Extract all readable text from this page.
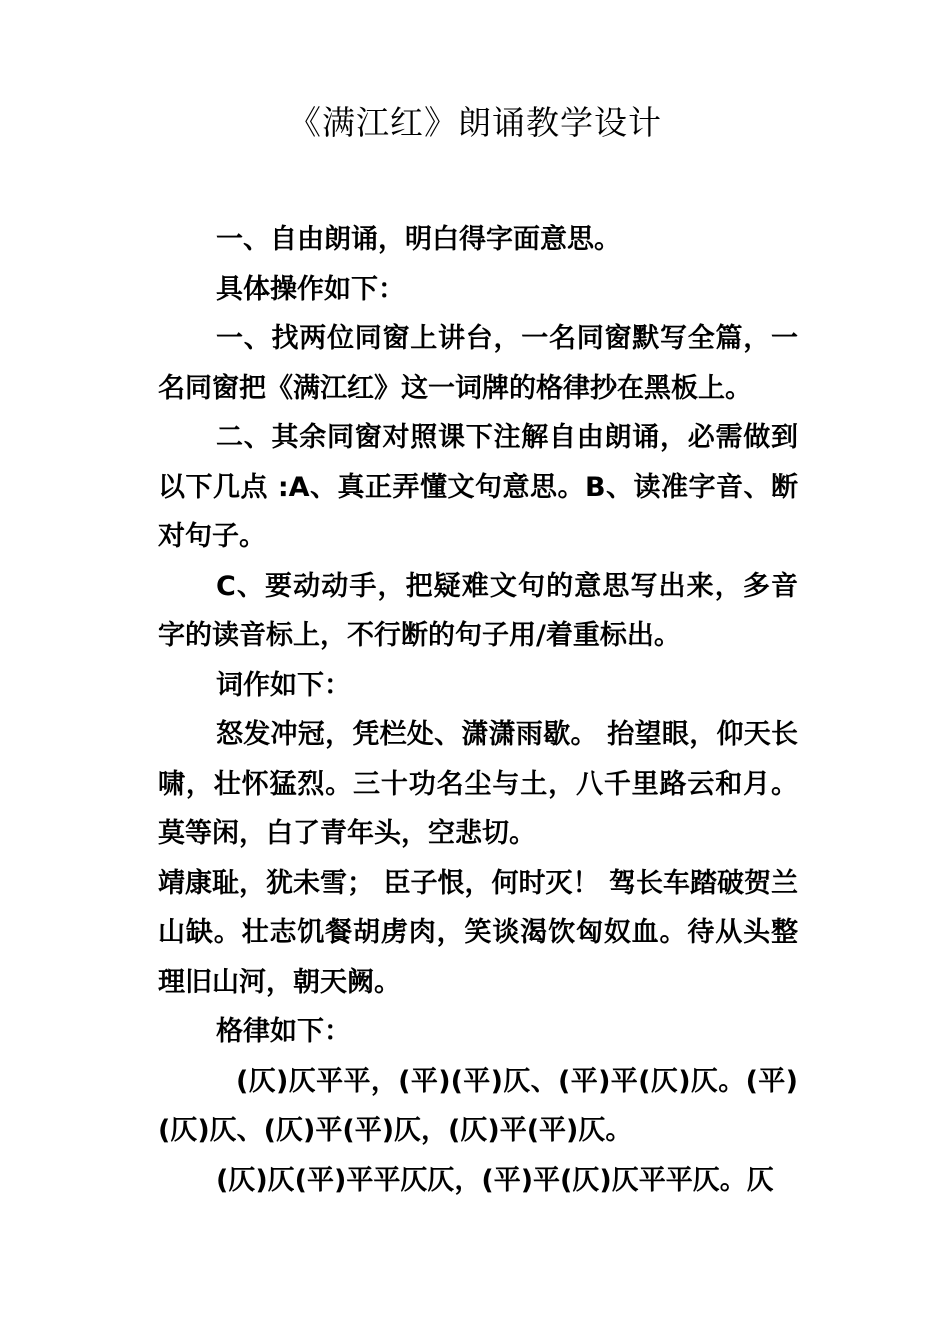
《满江红》朗诵教学设计

一、自由朗诵，明白得字面意思。

具体操作如下：

一、找两位同窗上讲台，一名同窗默写全篇，一名同窗把《满江红》这一词牌的格律抄在黑板上。

二、其余同窗对照课下注解自由朗诵，必需做到以下几点 :A、真正弄懂文句意思。B、读准字音、断对句子。

C、要动动手，把疑难文句的意思写出来，多音字的读音标上，不行断的句子用/着重标出。

词作如下：

怒发冲冠，凭栏处、潇潇雨歇。 抬望眼，仰天长啸，壮怀猛烈。三十功名尘与土，八千里路云和月。莫等闲，白了青年头，空悲切。

靖康耻，犹未雪； 臣子恨，何时灭！ 驾长车踏破贺兰山缺。壮志饥餐胡虏肉，笑谈渴饮匈奴血。待从头整理旧山河，朝天阙。

格律如下：

(仄)仄平平，(平)(平)仄、(平)平(仄)仄。(平)(仄)仄、(仄)平(平)仄，(仄)平(平)仄。

(仄)仄(平)平平仄仄，(平)平(仄)仄平平仄。仄
